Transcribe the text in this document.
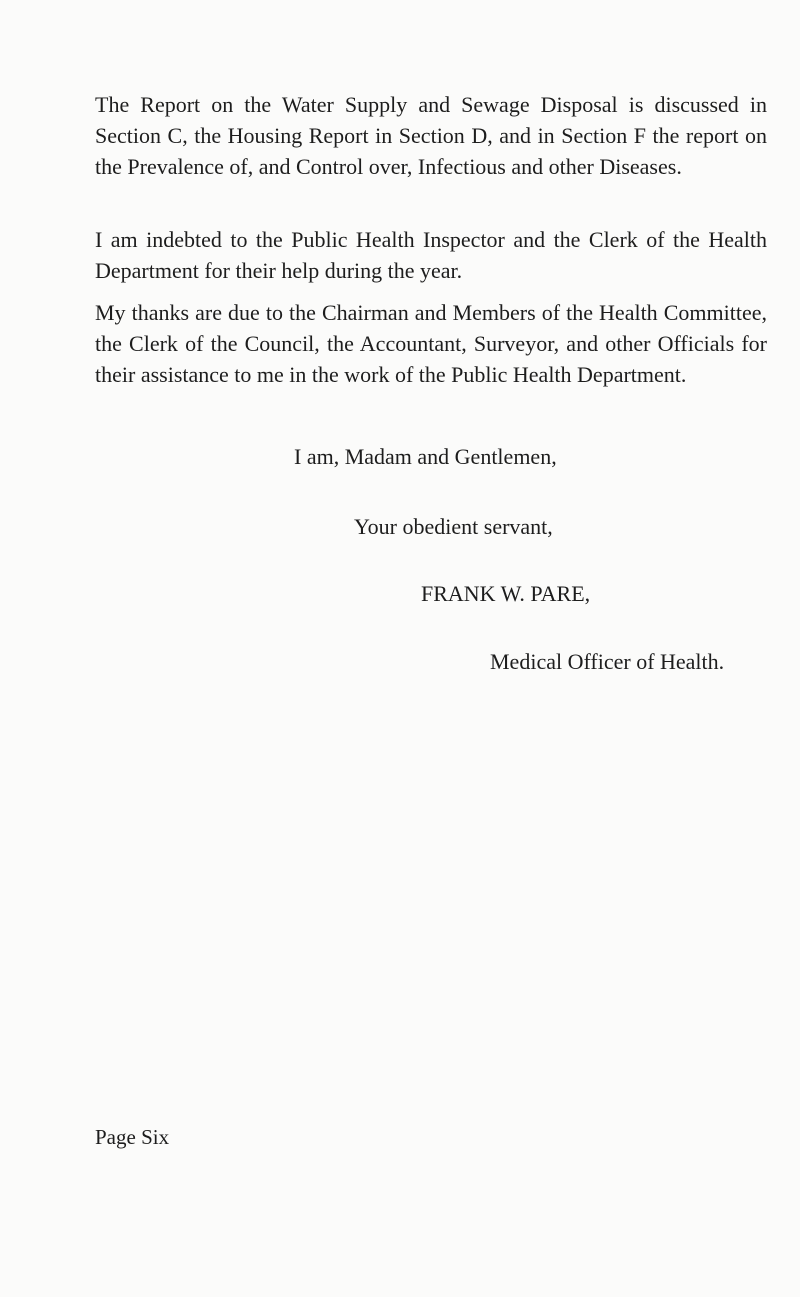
The Report on the Water Supply and Sewage Disposal is discussed in Section C, the Housing Report in Section D, and in Section F the report on the Prevalence of, and Control over, Infectious and other Diseases.

I am indebted to the Public Health Inspector and the Clerk of the Health Department for their help during the year.

My thanks are due to the Chairman and Members of the Health Committee, the Clerk of the Council, the Accountant, Surveyor, and other Officials for their assistance to me in the work of the Public Health Department.

I am, Madam and Gentlemen,

Your obedient servant,

FRANK W. PARE,

Medical Officer of Health.

Page Six
